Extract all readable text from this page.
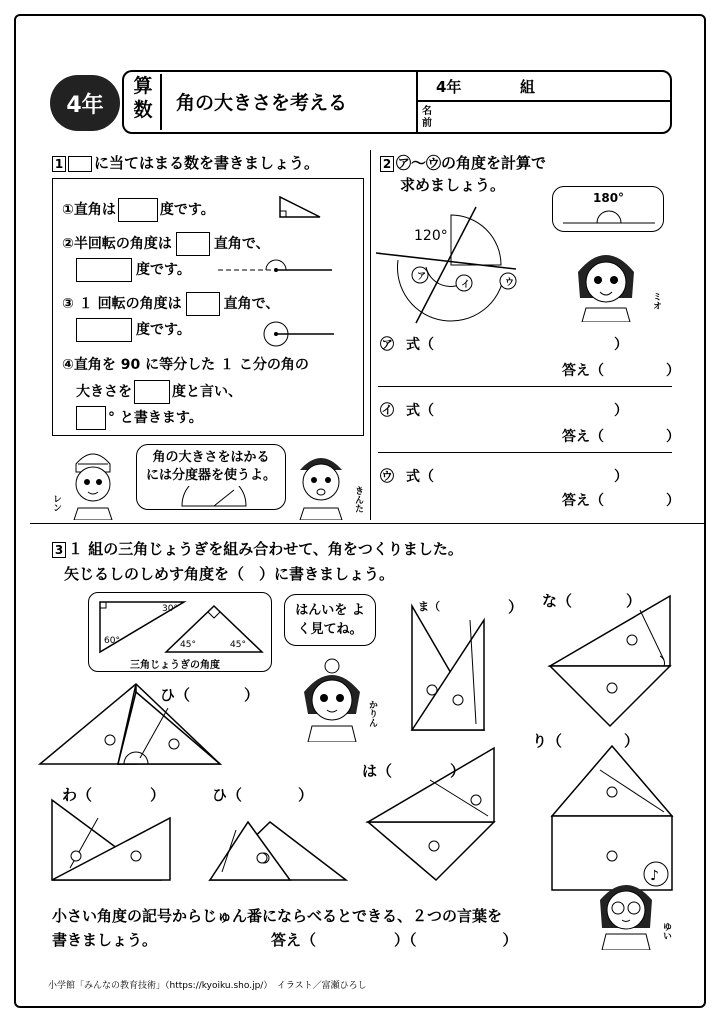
4年
算数	角の大きさを考える
4年	組
名前
1 に当てはまる数を書きましょう。
①直角は	度です。
②半回転の角度は	直角で、
度です。
③ １ 回転の角度は	直角で、
度です。
④直角を 90 に等分した １ こ分の角の
大きさを	度と言い、
° と書きます。
レン
角の大きさをはかる
には分度器を使うよ。
きんた
2 ㋐～㋒の角度を計算で
求めましょう。
120°
ア
イ	ウ
180°
ミオ
㋐ 式（	）
答え（	）
㋑ 式（	）
答え（	）
㋒ 式（	）
答え（	）
3 １ 組の三角じょうぎを組み合わせて、角をつくりました。
矢じるしのしめす角度を（　）に書きましょう。
30°
60°	45°	45°
三角じょうぎの角度
はんいを よく見てね。
かりん
ま（	） な（	）
ひ（	）
り（	）
わ（	）	ひ（	）
は（	）
小さい角度の記号からじゅん番にならべるとできる、２つの言葉を
書きましょう。	答え（	）（	）
♪
ゆい
小学館「みんなの教育技術」（https://kyoiku.sho.jp/）　イラスト／富瀬ひろし
